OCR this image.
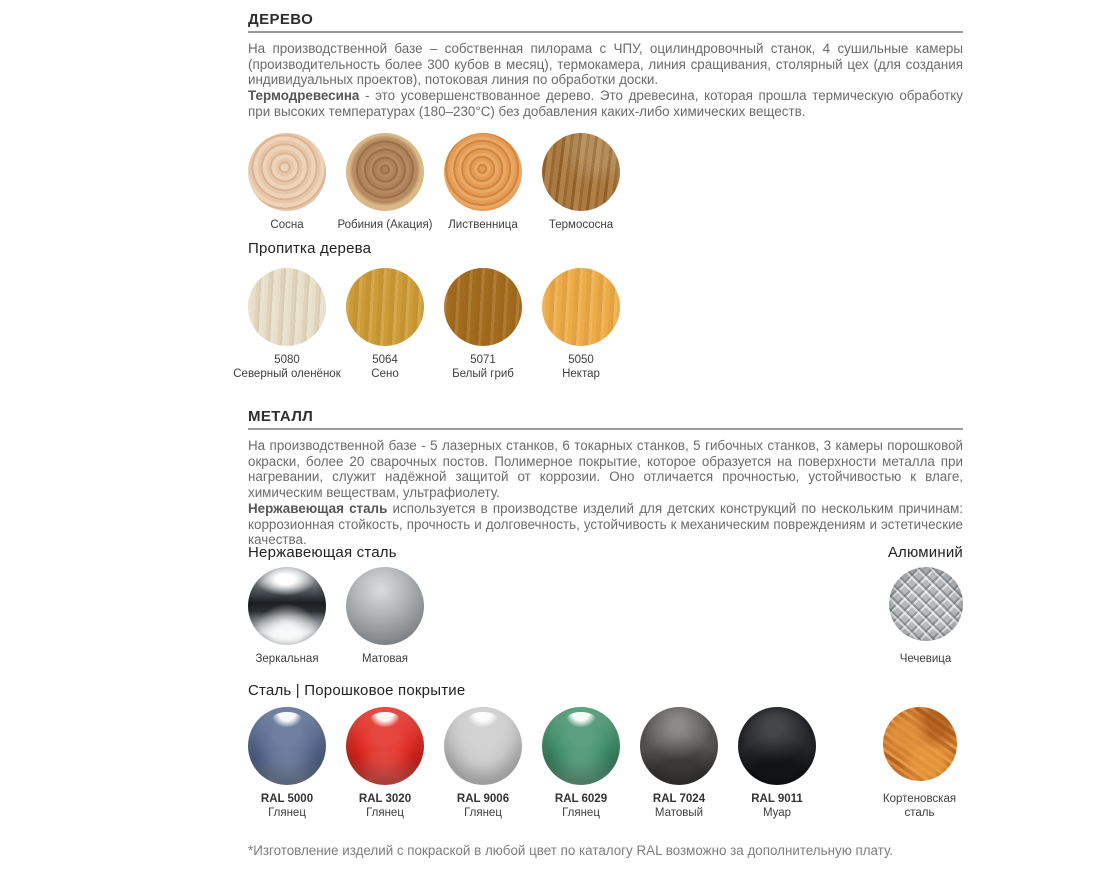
ДЕРЕВО

На производственной базе – собственная пилорама с ЧПУ, оцилиндровочный станок, 4 сушильные камеры (производительность более 300 кубов в месяц), термокамера, линия сращивания, столярный цех (для создания индивидуальных проектов), потоковая линия по обработки доски.

Термодревесина - это усовершенствованное дерево. Это древесина, которая прошла термическую обработку при высоких температурах (180–230°С) без добавления каких-либо химических веществ.

Сосна	Робиния (Акация)	Лиственница	Термососна
Пропитка дерева
5080
Северный оленёнок
5064
Сено
5071
Белый гриб
5050
Нектар
МЕТАЛЛ

На производственной базе - 5 лазерных станков, 6 токарных станков, 5 гибочных станков, 3 камеры порошковой окраски, более 20 сварочных постов. Полимерное покрытие, которое образуется на поверхности металла при нагревании, служит надёжной защитой от коррозии. Оно отличается прочностью, устойчивостью к влаге, химическим веществам, ультрафиолету.

Нержавеющая сталь используется в производстве изделий для детских конструкций по нескольким причинам: коррозионная стойкость, прочность и долговечность, устойчивость к механическим повреждениям и эстетические качества.

Нержавеющая сталь	Алюминий
Зеркальная	Матовая	Чечевица
Сталь | Порошковое покрытие
RAL 5000
Глянец
RAL 3020
Глянец
RAL 9006
Глянец
RAL 6029
Глянец
RAL 7024
Матовый
RAL 9011
Муар
Кортеновская
сталь
*Изготовление изделий с покраской в любой цвет по каталогу RAL возможно за дополнительную плату.
